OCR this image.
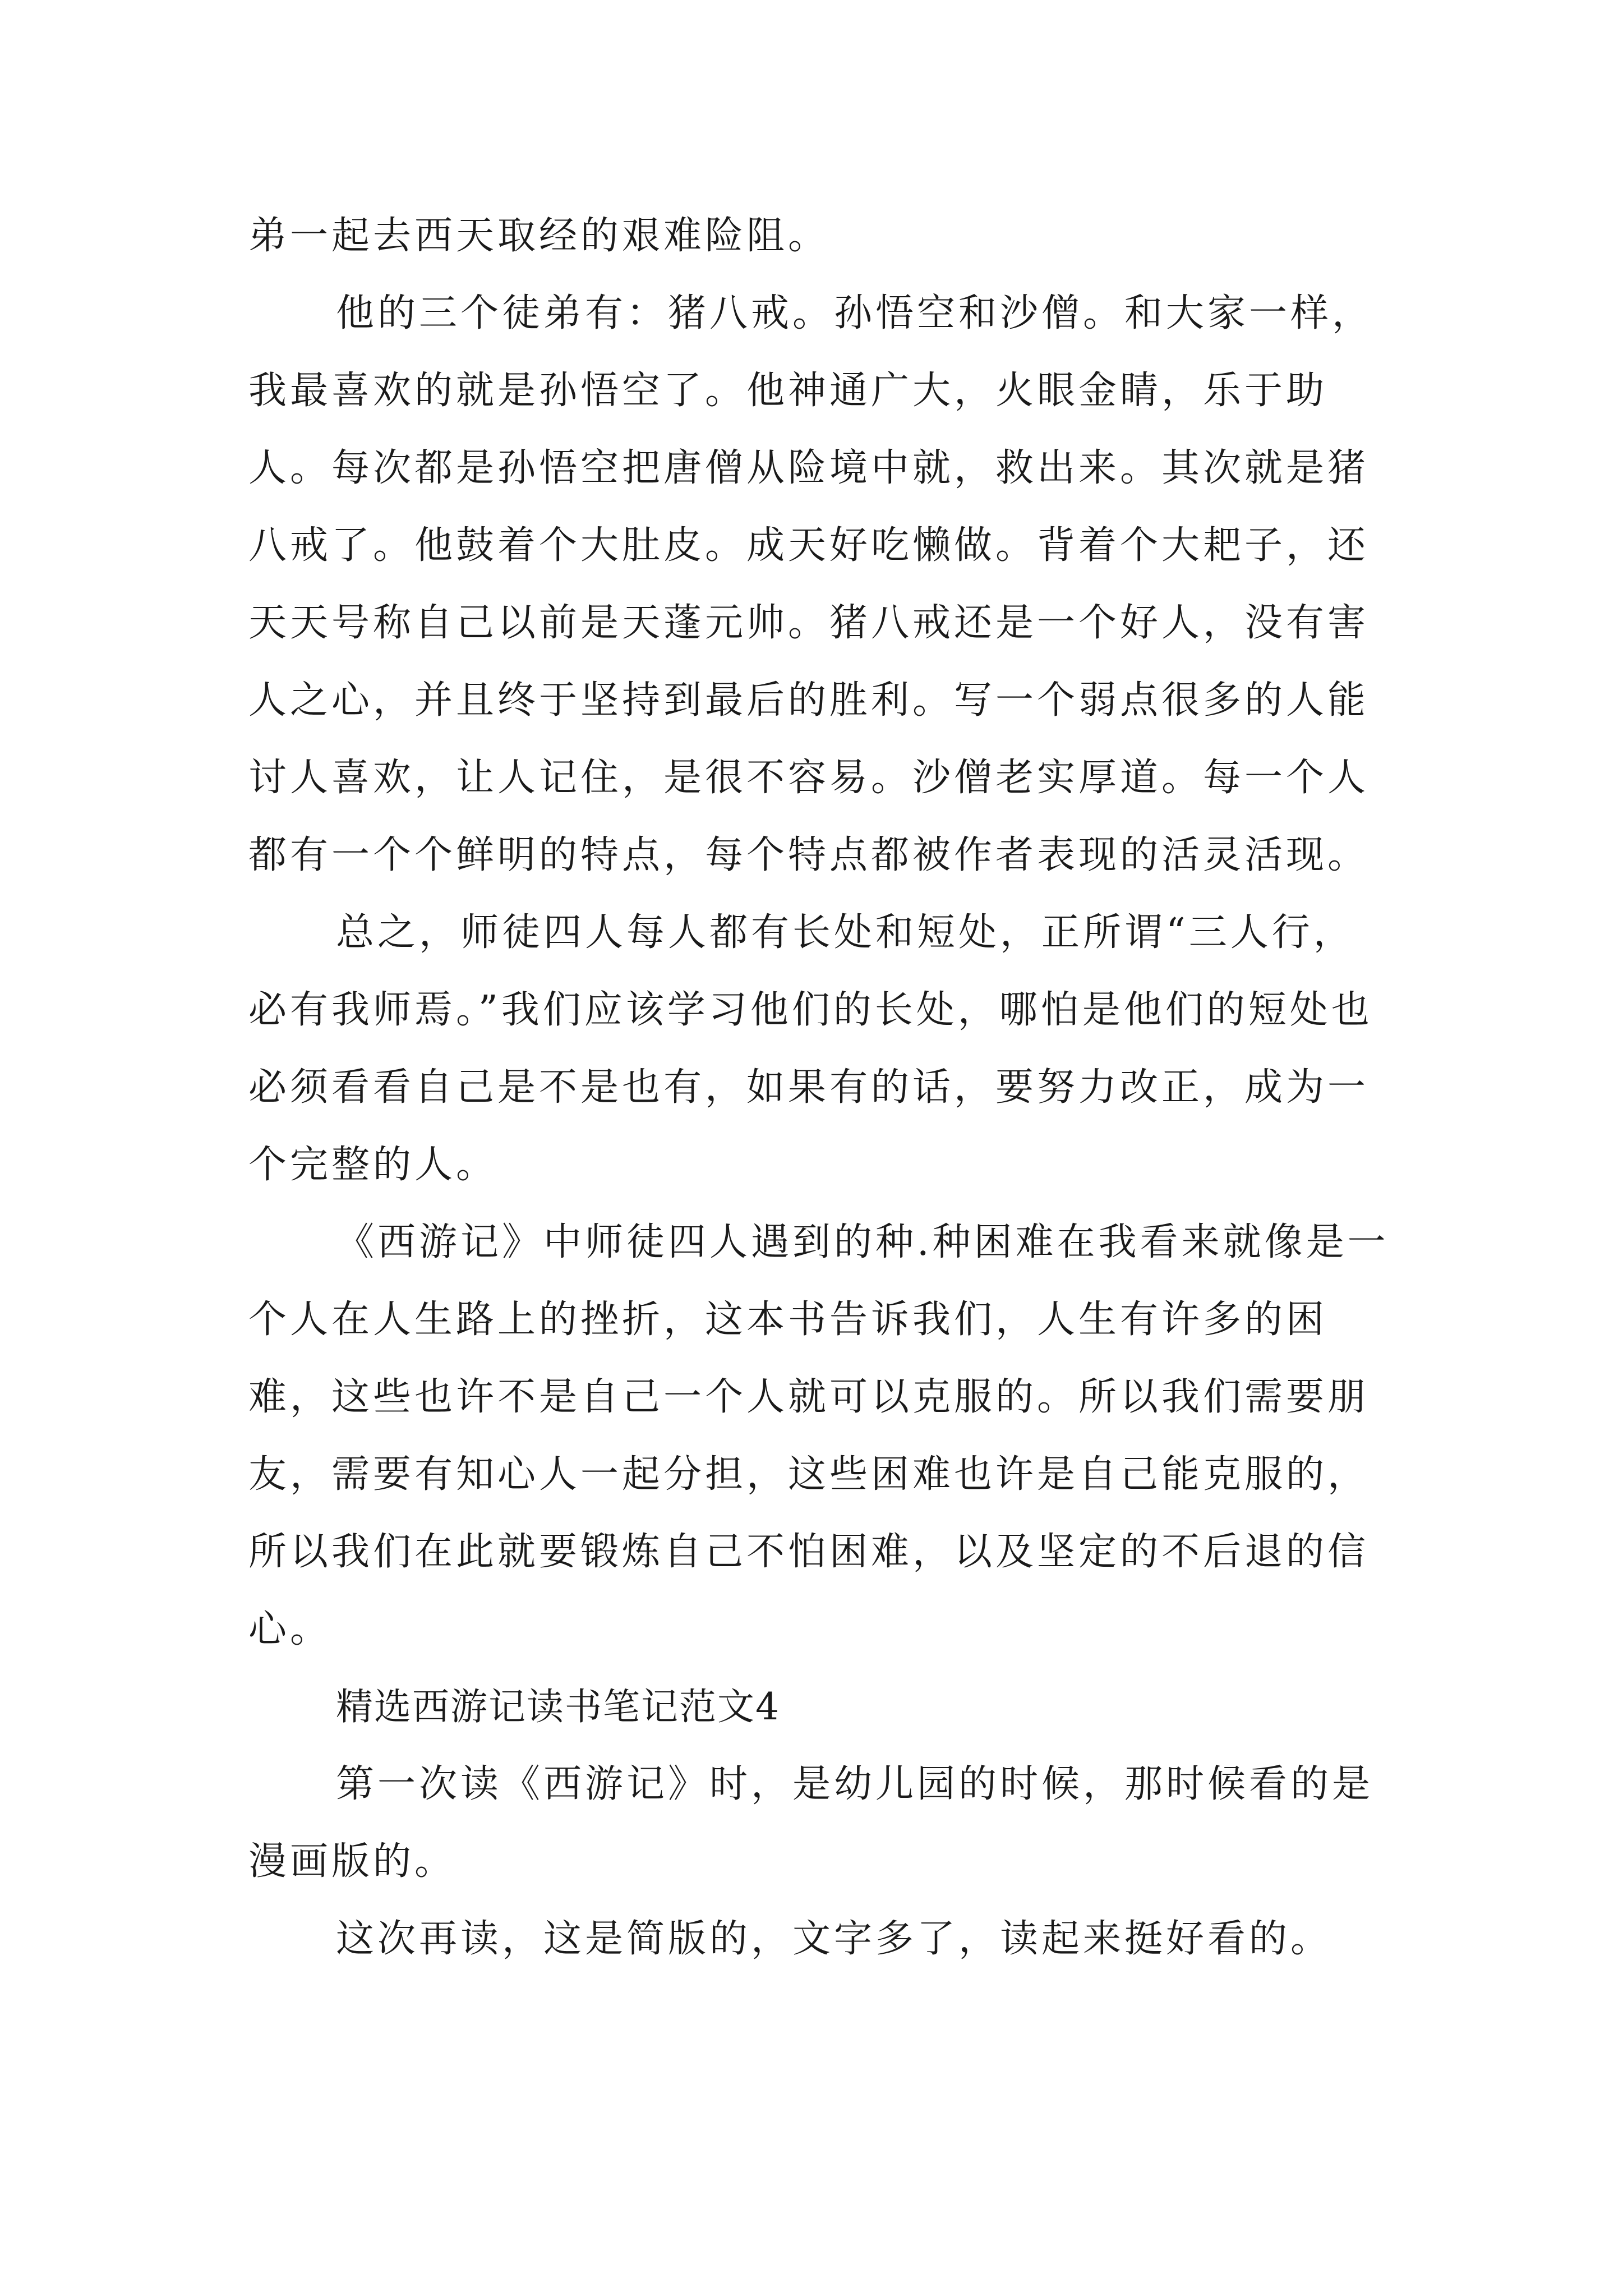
弟一起去西天取经的艰难险阻。

他的三个徒弟有：猪八戒。孙悟空和沙僧。和大家一样，我最喜欢的就是孙悟空了。他神通广大，火眼金睛，乐于助人。每次都是孙悟空把唐僧从险境中就，救出来。其次就是猪八戒了。他鼓着个大肚皮。成天好吃懒做。背着个大耙子，还天天号称自己以前是天蓬元帅。猪八戒还是一个好人，没有害人之心，并且终于坚持到最后的胜利。写一个弱点很多的人能讨人喜欢，让人记住，是很不容易。沙僧老实厚道。每一个人都有一个个鲜明的特点，每个特点都被作者表现的活灵活现。

总之，师徒四人每人都有长处和短处，正所谓“三人行，必有我师焉。”我们应该学习他们的长处，哪怕是他们的短处也必须看看自己是不是也有，如果有的话，要努力改正，成为一个完整的人。

《西游记》中师徒四人遇到的种.种困难在我看来就像是一个人在人生路上的挫折，这本书告诉我们，人生有许多的困难，这些也许不是自己一个人就可以克服的。所以我们需要朋友，需要有知心人一起分担，这些困难也许是自己能克服的，所以我们在此就要锻炼自己不怕困难，以及坚定的不后退的信心。

精选西游记读书笔记范文4

第一次读《西游记》时，是幼儿园的时候，那时候看的是漫画版的。

这次再读，这是简版的，文字多了，读起来挺好看的。
